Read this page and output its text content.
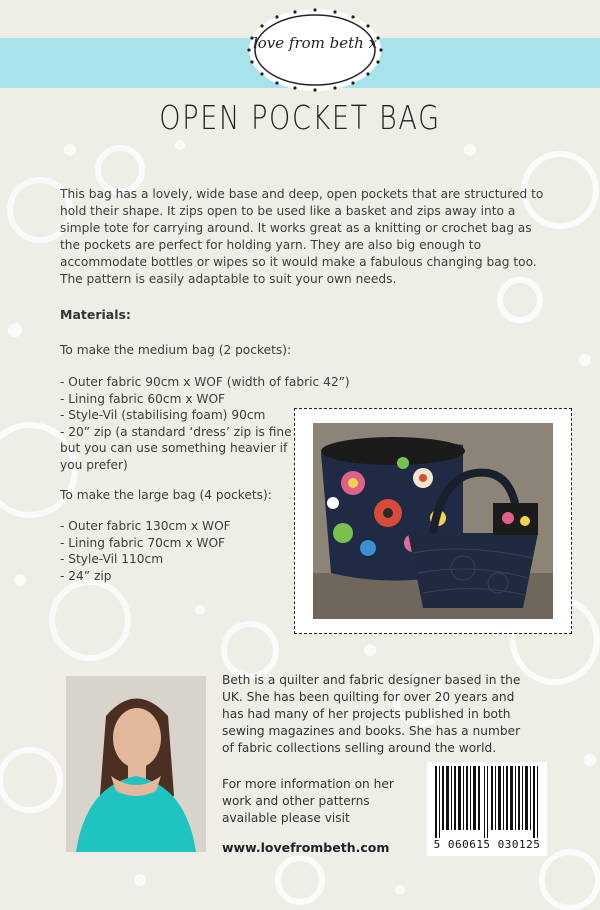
love from beth x
OPEN POCKET BAG

This bag has a lovely, wide base and deep, open pockets that are structured to hold their shape. It zips open to be used like a basket and zips away into a simple tote for carrying around. It works great as a knitting or crochet bag as the pockets are perfect for holding yarn. They are also big enough to accommodate bottles or wipes so it would make a fabulous changing bag too. The pattern is easily adaptable to suit your own needs.

Materials:
To make the medium bag (2 pockets):
- Outer fabric 90cm x WOF (width of fabric 42”)
- Lining fabric 60cm x WOF
- Style-Vil (stabilising foam) 90cm
- 20” zip (a standard ‘dress’ zip is fine but you can use something heavier if you prefer)
To make the large bag (4 pockets):
- Outer fabric 130cm x WOF
- Lining fabric 70cm x WOF
- Style-Vil 110cm
- 24” zip

Beth is a quilter and fabric designer based in the UK. She has been quilting for over 20 years and has had many of her projects published in both sewing magazines and books. She has a number of fabric collections selling around the world.

For more information on her work and other patterns available please visit

www.lovefrombeth.com	5 060615 030125
